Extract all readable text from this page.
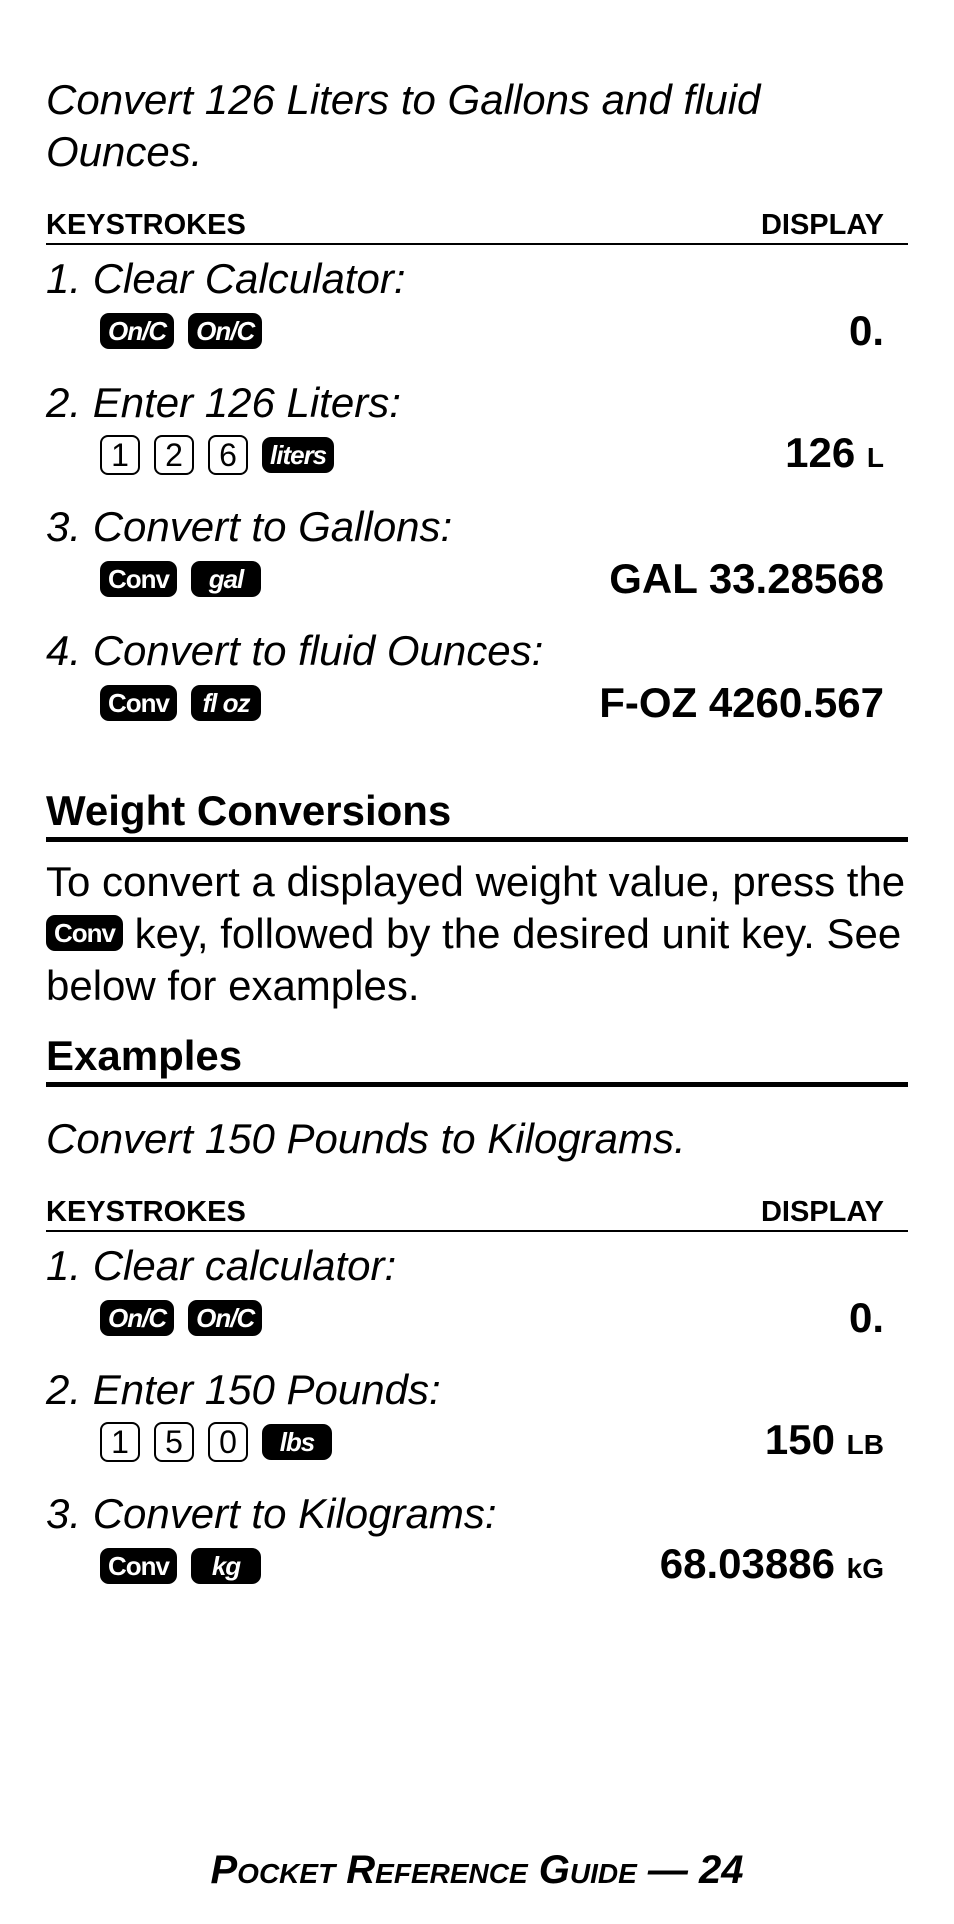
Convert 126 Liters to Gallons and fluid Ounces.

KEYSTROKES	DISPLAY
1. Clear Calculator:
On/C	On/C	0.
2. Enter 126 Liters:
1	2	6	liters	126 L
3. Convert to Gallons:
Conv	gal	GAL 33.28568
4. Convert to fluid Ounces:
Conv	fl oz	F-OZ 4260.567
Weight Conversions

To convert a displayed weight value, press the Conv key, followed by the desired unit key. See below for examples.

Examples

Convert 150 Pounds to Kilograms.

KEYSTROKES	DISPLAY
1. Clear calculator:
On/C	On/C	0.
2. Enter 150 Pounds:
1	5	0	lbs	150 LB
3. Convert to Kilograms:
Conv	kg	68.03886 kG
Pocket Reference Guide — 24
